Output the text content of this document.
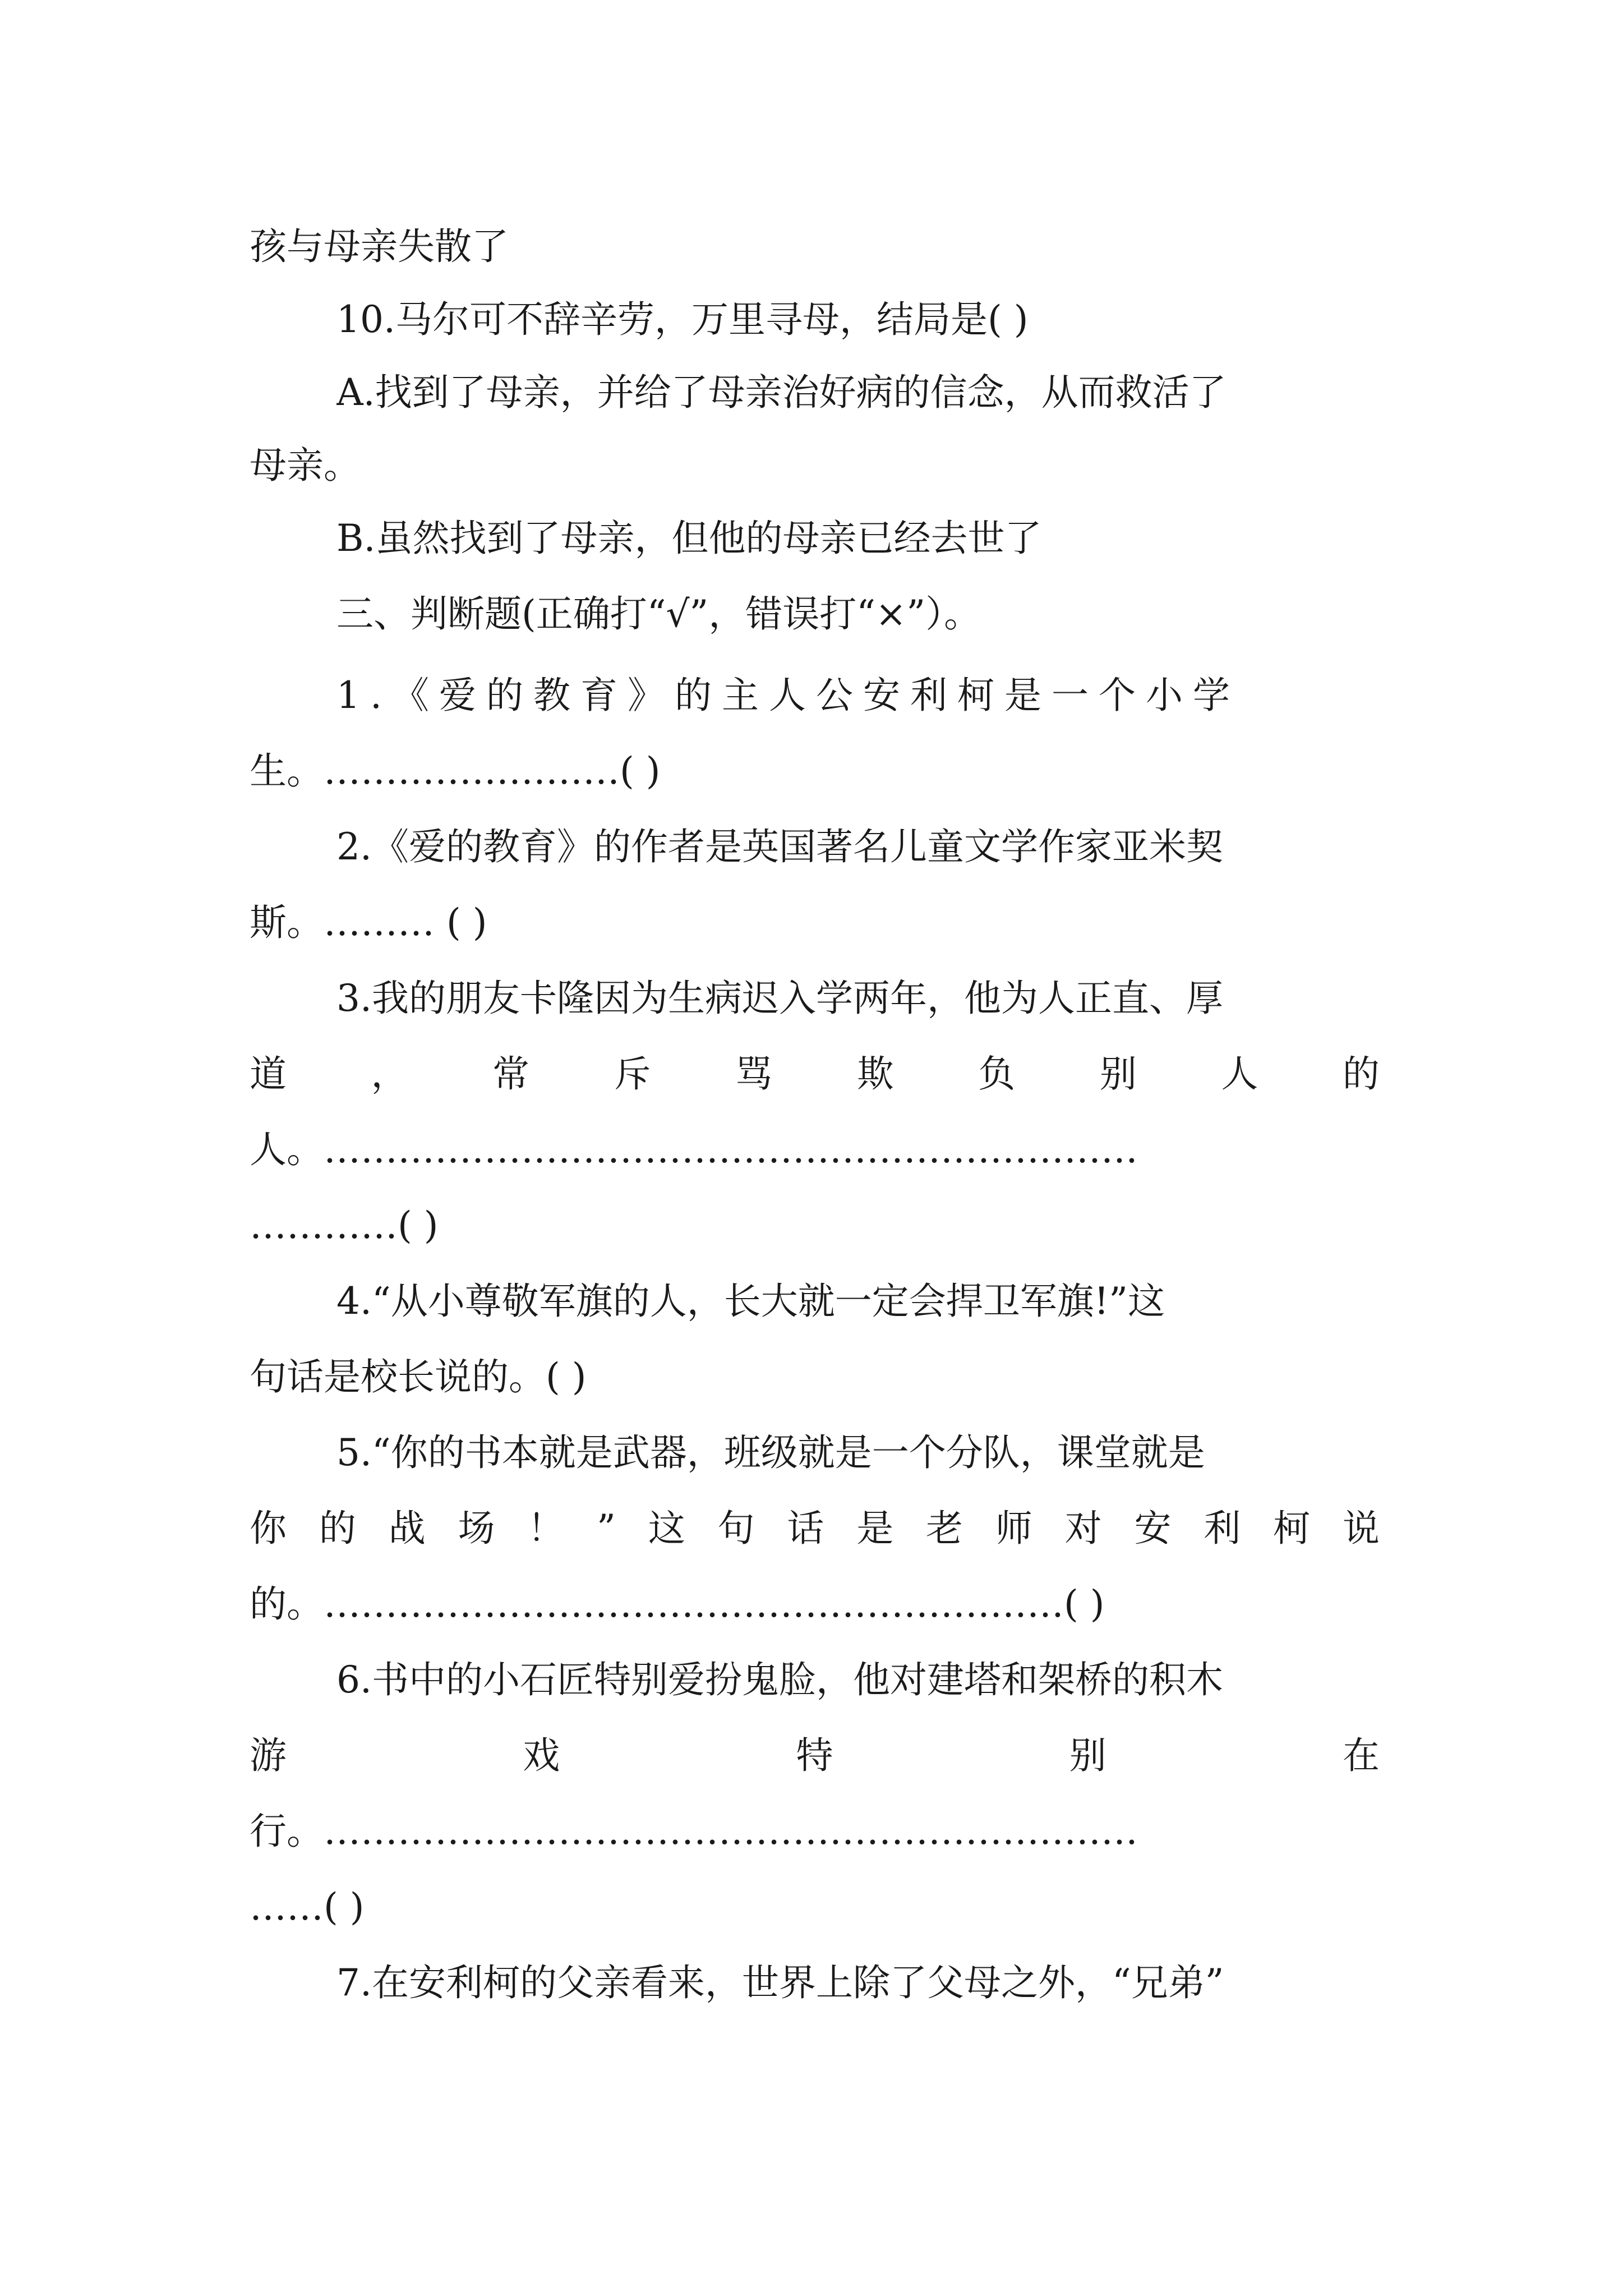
孩与母亲失散了
10.马尔可不辞辛劳，万里寻母，结局是( )
A.找到了母亲，并给了母亲治好病的信念，从而救活了
母亲。
B.虽然找到了母亲，但他的母亲已经去世了
三、判断题(正确打“√”，错误打“×”）。
1.《爱的教育》的主人公安利柯是一个小学
生。……………………( )
2.《爱的教育》的作者是英国著名儿童文学作家亚米契
斯。……… ( )
3.我的朋友卡隆因为生病迟入学两年，他为人正直、厚
道 ， 常 斥 骂 欺 负 别 人 的
人。…………………………………………………………
…………( )
4.“从小尊敬军旗的人，长大就一定会捍卫军旗!”这
句话是校长说的。( )
5.“你的书本就是武器，班级就是一个分队，课堂就是
你 的 战 场 ！ ” 这 句 话 是 老 师 对 安 利 柯 说
的。……………………………………………………( )
6.书中的小石匠特别爱扮鬼脸，他对建塔和架桥的积木
游	戏	特	别	在
行。…………………………………………………………
……( )
7.在安利柯的父亲看来，世界上除了父母之外，“兄弟”
